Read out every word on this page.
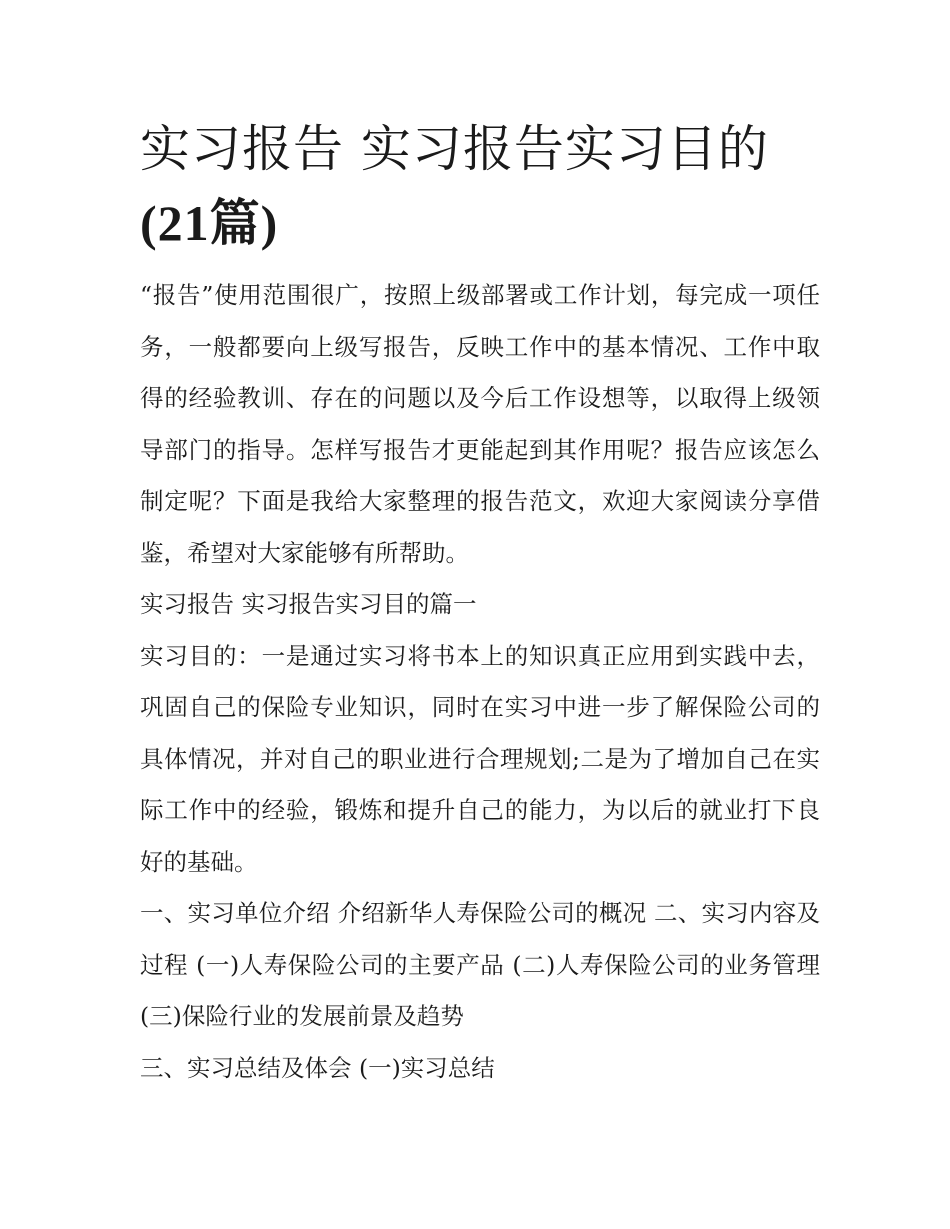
实习报告 实习报告实习目的
(21篇)

“报告”使用范围很广，按照上级部署或工作计划，每完成一项任务，一般都要向上级写报告，反映工作中的基本情况、工作中取得的经验教训、存在的问题以及今后工作设想等，以取得上级领导部门的指导。怎样写报告才更能起到其作用呢？报告应该怎么制定呢？下面是我给大家整理的报告范文，欢迎大家阅读分享借鉴，希望对大家能够有所帮助。

实习报告 实习报告实习目的篇一

实习目的：一是通过实习将书本上的知识真正应用到实践中去，巩固自己的保险专业知识，同时在实习中进一步了解保险公司的具体情况，并对自己的职业进行合理规划;二是为了增加自己在实际工作中的经验，锻炼和提升自己的能力，为以后的就业打下良好的基础。

一、实习单位介绍 介绍新华人寿保险公司的概况 二、实习内容及过程 (一)人寿保险公司的主要产品 (二)人寿保险公司的业务管理 (三)保险行业的发展前景及趋势

三、实习总结及体会 (一)实习总结
